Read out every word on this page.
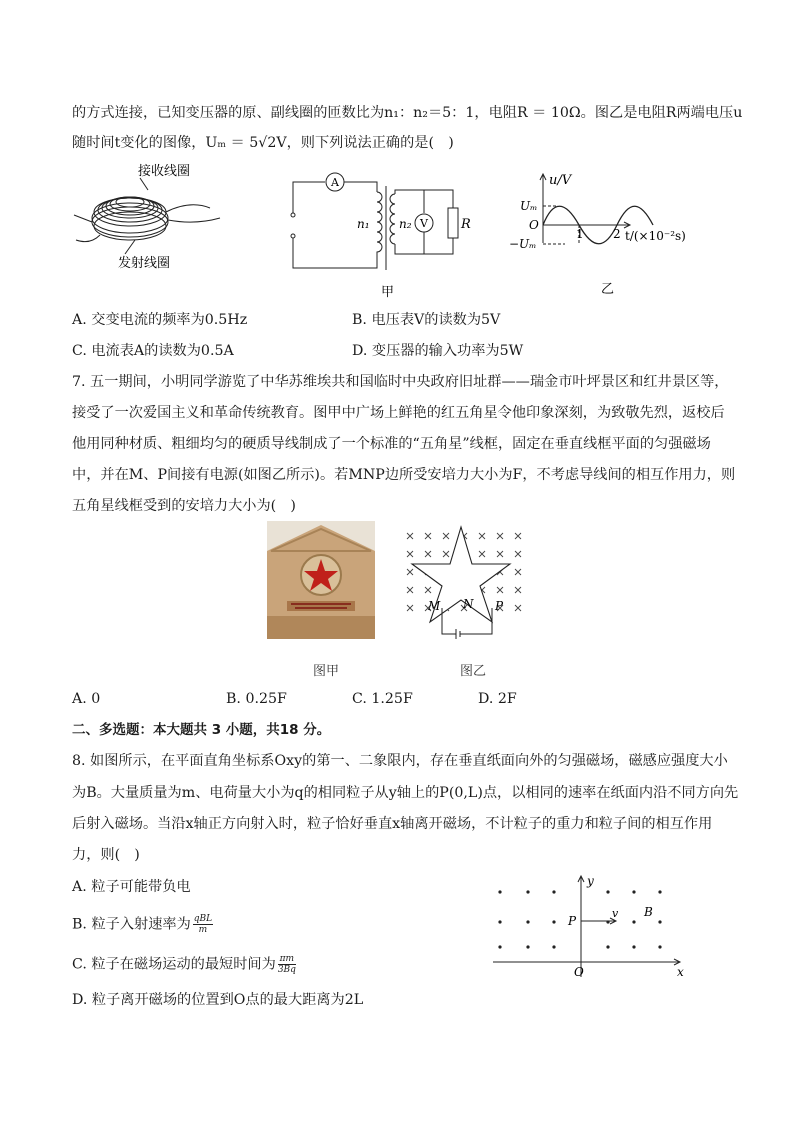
的方式连接，已知变压器的原、副线圈的匝数比为n₁：n₂＝5：1，电阻R ＝ 10Ω。图乙是电阻R两端电压u
随时间t变化的图像，Uₘ ＝ 5√2V，则下列说法正确的是(　)
接收线圈
发射线圈
A
V
n₁ n₂	R
甲
u/V
Uₘ
−Uₘ
O
1 2 t/(×10⁻²s)
乙
A. 交变电流的频率为0.5Hz	B. 电压表V的读数为5V
C. 电流表A的读数为0.5A	D. 变压器的输入功率为5W
7. 五一期间，小明同学游览了中华苏维埃共和国临时中央政府旧址群——瑞金市叶坪景区和红井景区等，
接受了一次爱国主义和革命传统教育。图甲中广场上鲜艳的红五角星令他印象深刻，为致敬先烈，返校后
他用同种材质、粗细均匀的硬质导线制成了一个标准的“五角星”线框，固定在垂直线框平面的匀强磁场
中，并在M、P间接有电源(如图乙所示)。若MNP边所受安培力大小为F，不考虑导线间的相互作用力，则
五角星线框受到的安培力大小为(　)
图甲
M N P
图乙
A. 0	B. 0.25F	C. 1.25F	D. 2F
二、多选题：本大题共 3 小题，共18 分。
8. 如图所示，在平面直角坐标系Oxy的第一、二象限内，存在垂直纸面向外的匀强磁场，磁感应强度大小
为B。大量质量为m、电荷量大小为q的相同粒子从y轴上的P(0,L)点，以相同的速率在纸面内沿不同方向先
后射入磁场。当沿x轴正方向射入时，粒子恰好垂直x轴离开磁场，不计粒子的重力和粒子间的相互作用
力，则(　)
A. 粒子可能带负电
B. 粒子入射速率为 qBL
m
C. 粒子在磁场运动的最短时间为 $\frac{\pi m}{3Bq}$
D. 粒子离开磁场的位置到O点的最大距离为2L
y
x
O
P
v B
